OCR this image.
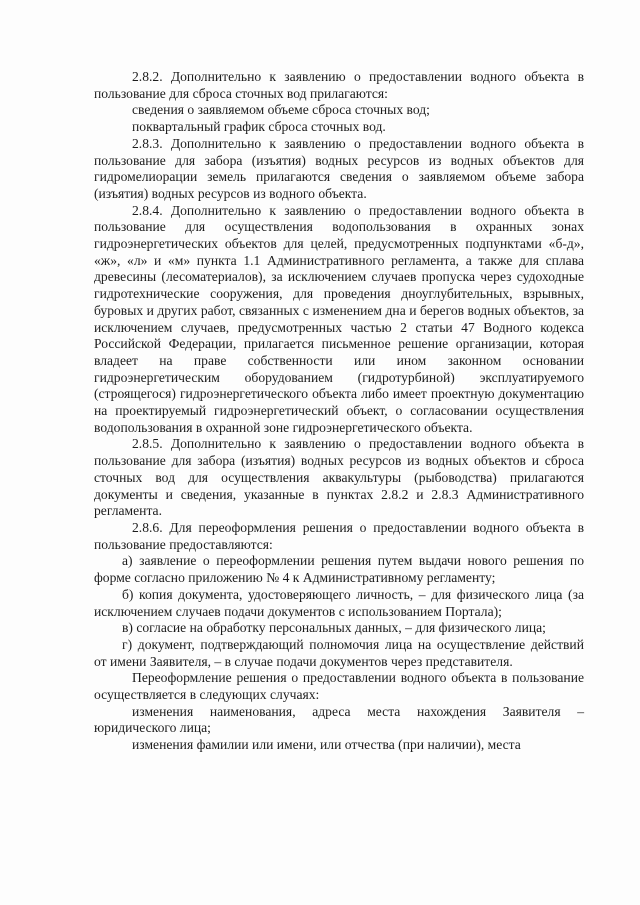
2.8.2. Дополнительно к заявлению о предоставлении водного объекта в пользование для сброса сточных вод прилагаются:

сведения о заявляемом объеме сброса сточных вод;

поквартальный график сброса сточных вод.

2.8.3. Дополнительно к заявлению о предоставлении водного объекта в пользование для забора (изъятия) водных ресурсов из водных объектов для гидромелиорации земель прилагаются сведения о заявляемом объеме забора (изъятия) водных ресурсов из водного объекта.

2.8.4. Дополнительно к заявлению о предоставлении водного объекта в пользование для осуществления водопользования в охранных зонах гидроэнергетических объектов для целей, предусмотренных подпунктами «б-д», «ж», «л» и «м» пункта 1.1 Административного регламента, а также для сплава древесины (лесоматериалов), за исключением случаев пропуска через судоходные гидротехнические сооружения, для проведения дноуглубительных, взрывных, буровых и других работ, связанных с изменением дна и берегов водных объектов, за исключением случаев, предусмотренных частью 2 статьи 47 Водного кодекса Российской Федерации, прилагается письменное решение организации, которая владеет на праве собственности или ином законном основании гидроэнергетическим оборудованием (гидротурбиной) эксплуатируемого (строящегося) гидроэнергетического объекта либо имеет проектную документацию на проектируемый гидроэнергетический объект, о согласовании осуществления водопользования в охранной зоне гидроэнергетического объекта.

2.8.5. Дополнительно к заявлению о предоставлении водного объекта в пользование для забора (изъятия) водных ресурсов из водных объектов и сброса сточных вод для осуществления аквакультуры (рыбоводства) прилагаются документы и сведения, указанные в пунктах 2.8.2 и 2.8.3 Административного регламента.

2.8.6. Для переоформления решения о предоставлении водного объекта в пользование предоставляются:

а) заявление о переоформлении решения путем выдачи нового решения по форме согласно приложению № 4 к Административному регламенту;

б) копия документа, удостоверяющего личность, – для физического лица (за исключением случаев подачи документов с использованием Портала);

в) согласие на обработку персональных данных, – для физического лица;

г) документ, подтверждающий полномочия лица на осуществление действий от имени Заявителя, – в случае подачи документов через представителя.

Переоформление решения о предоставлении водного объекта в пользование осуществляется в следующих случаях:

изменения наименования, адреса места нахождения Заявителя – юридического лица;

изменения фамилии или имени, или отчества (при наличии), места
